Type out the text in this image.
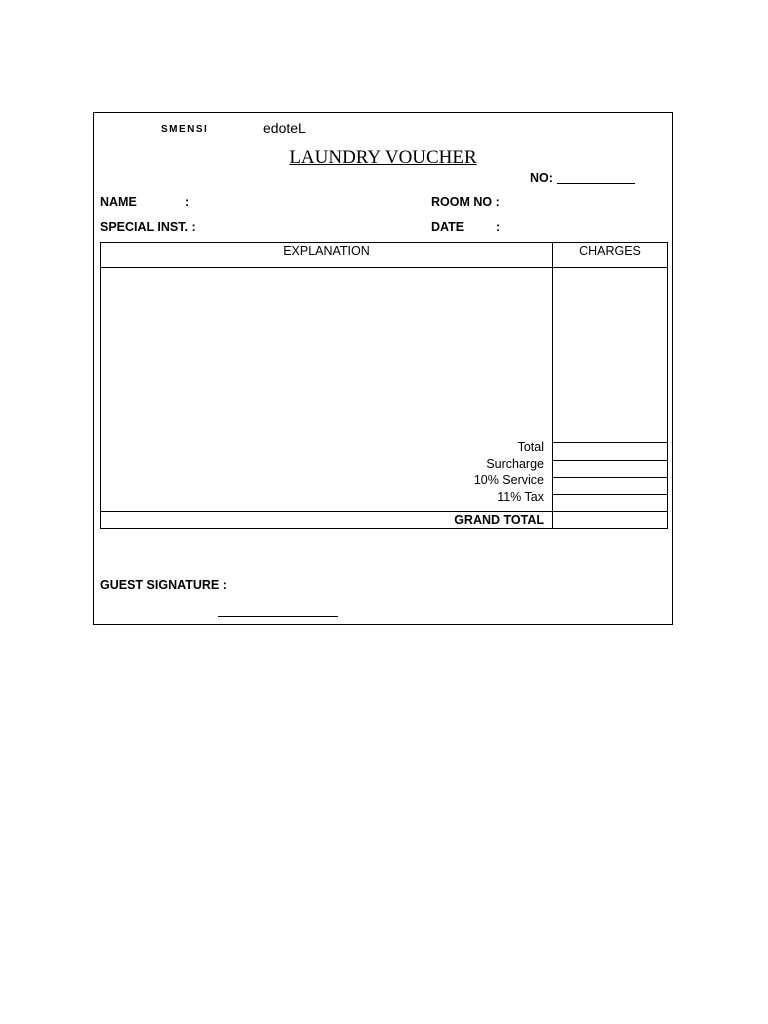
SMENSI	edoteL
LAUNDRY VOUCHER
NO:
NAME	:	ROOM NO :
SPECIAL INST. :	DATE	:
EXPLANATION	CHARGES
Total
Surcharge
10% Service
11% Tax
GRAND TOTAL
GUEST SIGNATURE :
